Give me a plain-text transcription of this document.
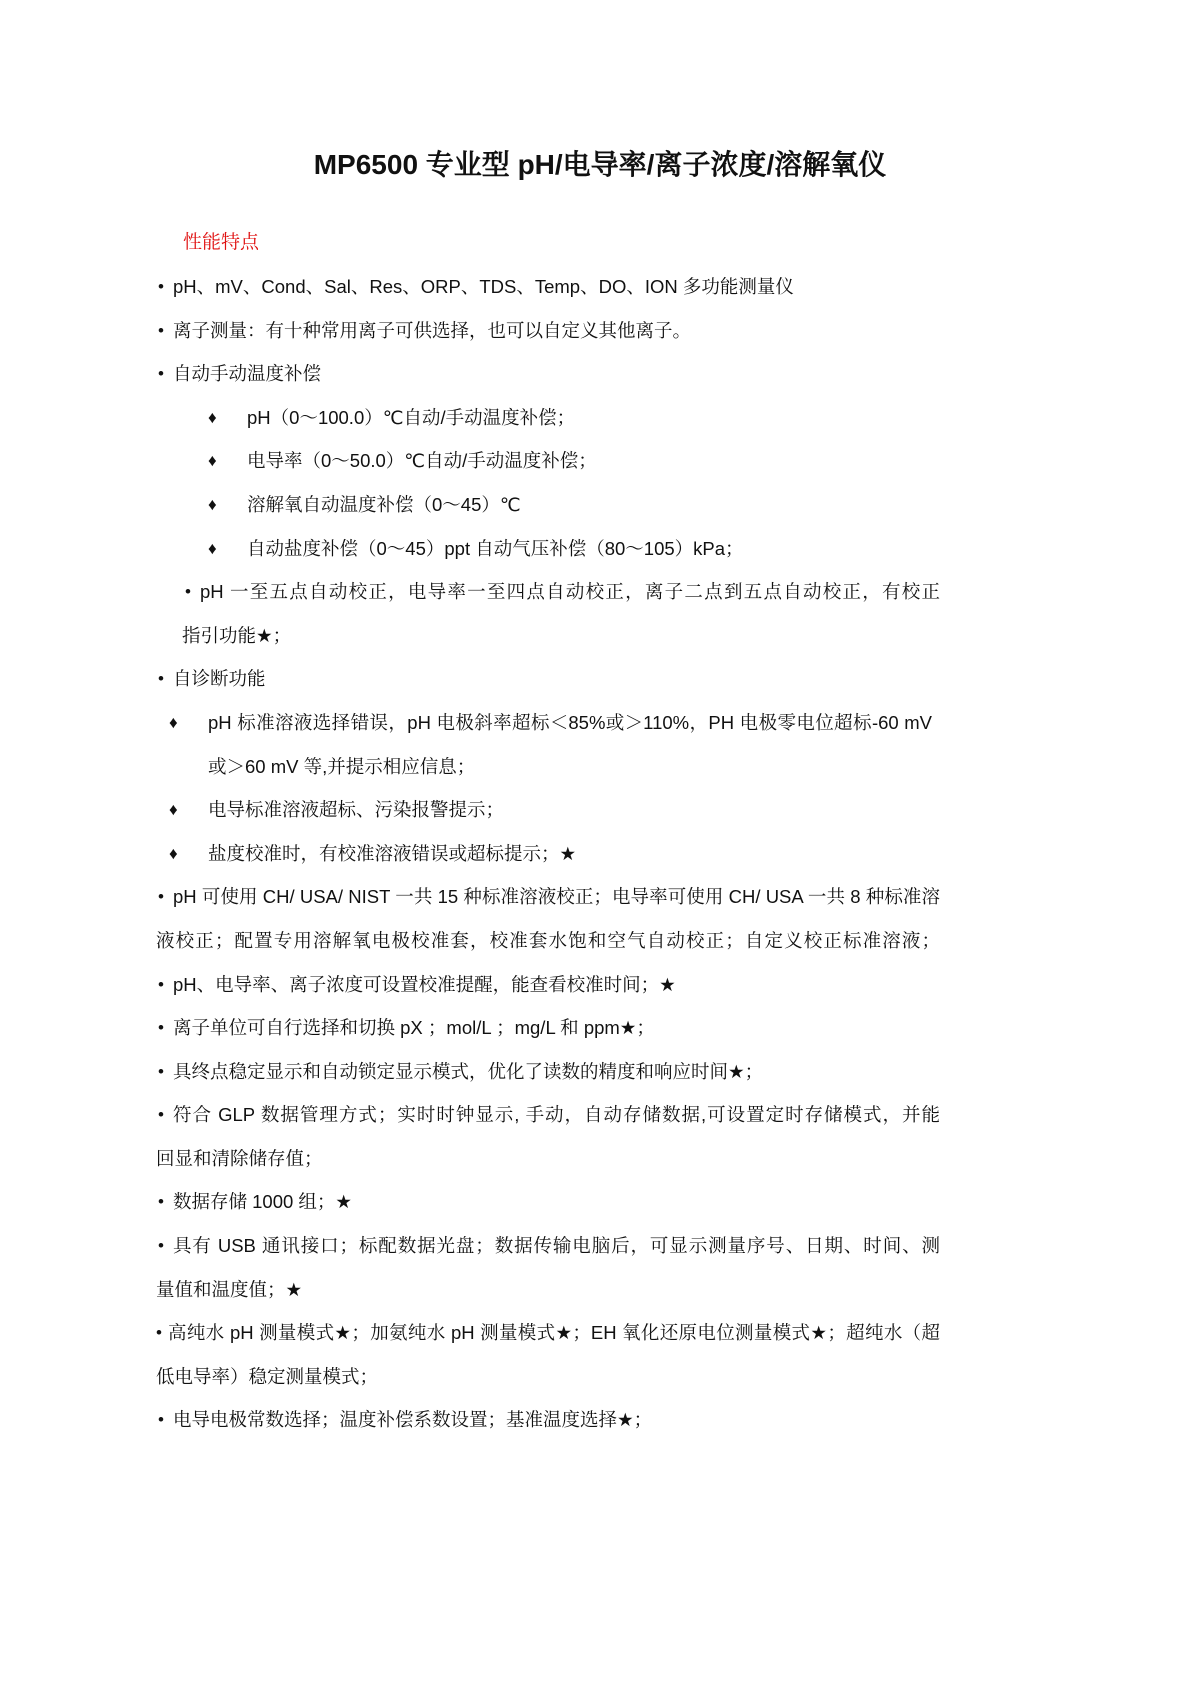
MP6500 专业型 pH/电导率/离子浓度/溶解氧仪
性能特点
• pH、mV、Cond、Sal、Res、ORP、TDS、Temp、DO、ION 多功能测量仪
• 离子测量：有十种常用离子可供选择，也可以自定义其他离子。
• 自动手动温度补偿
♦ pH（0～100.0）℃自动/手动温度补偿；
♦ 电导率（0～50.0）℃自动/手动温度补偿；
♦ 溶解氧自动温度补偿（0～45）℃
♦ 自动盐度补偿（0～45）ppt 自动气压补偿（80～105）kPa；
• pH 一至五点自动校正，电导率一至四点自动校正，离子二点到五点自动校正，有校正
指引功能★；
• 自诊断功能
♦ pH 标准溶液选择错误，pH 电极斜率超标＜85%或＞110%，PH 电极零电位超标-60 mV
或＞60 mV 等,并提示相应信息；
♦ 电导标准溶液超标、污染报警提示；
♦ 盐度校准时，有校准溶液错误或超标提示；★
• pH 可使用 CH/ USA/ NIST 一共 15 种标准溶液校正；电导率可使用 CH/ USA 一共 8 种标准溶
液校正；配置专用溶解氧电极校准套，校准套水饱和空气自动校正；自定义校正标准溶液；
• pH、电导率、离子浓度可设置校准提醒，能查看校准时间；★
• 离子单位可自行选择和切换 pX ；mol/L ；mg/L 和 ppm★；
• 具终点稳定显示和自动锁定显示模式，优化了读数的精度和响应时间★；
• 符合 GLP 数据管理方式；实时时钟显示, 手动，自动存储数据,可设置定时存储模式，并能
回显和清除储存值；
• 数据存储 1000 组；★
• 具有 USB 通讯接口；标配数据光盘；数据传输电脑后，可显示测量序号、日期、时间、测
量值和温度值；★
• 高纯水 pH 测量模式★；加氨纯水 pH 测量模式★；EH 氧化还原电位测量模式★；超纯水（超
低电导率）稳定测量模式；
• 电导电极常数选择；温度补偿系数设置；基准温度选择★；
